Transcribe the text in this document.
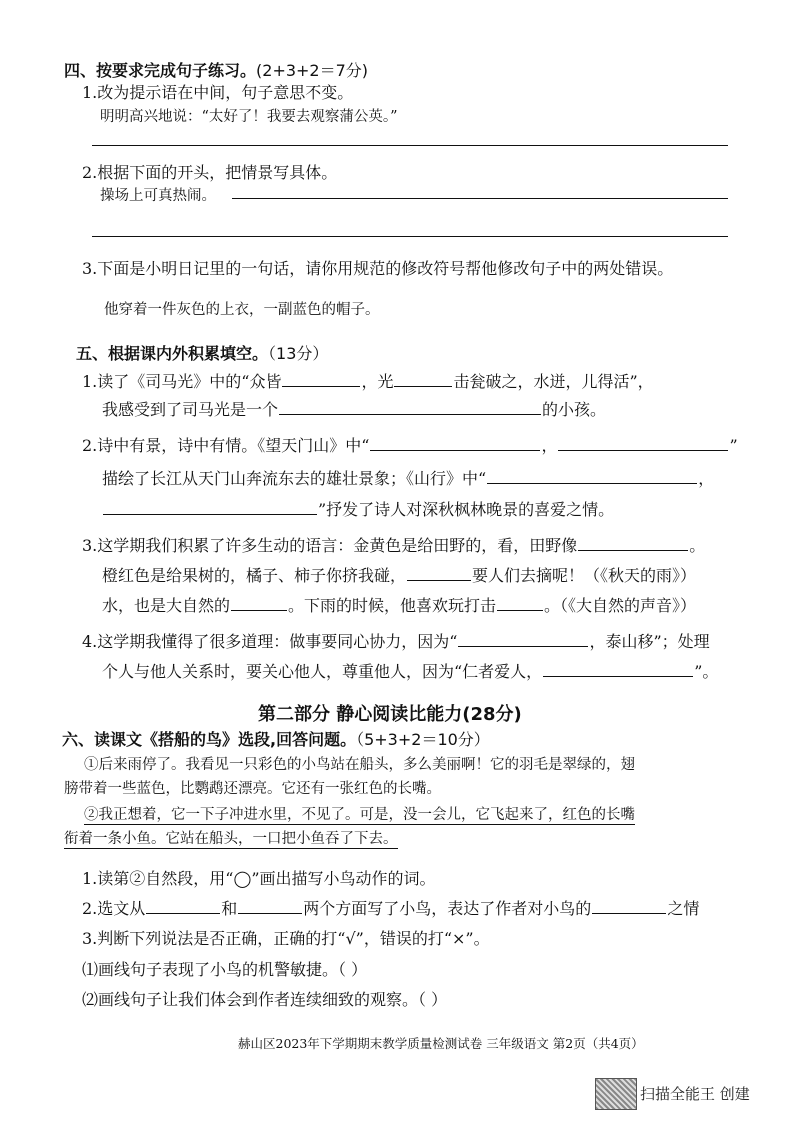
四、按要求完成句子练习。(2+3+2＝7分)
1.改为提示语在中间，句子意思不变。
明明高兴地说：“太好了！我要去观察蒲公英。”
2.根据下面的开头，把情景写具体。
操场上可真热闹。
3.下面是小明日记里的一句话，请你用规范的修改符号帮他修改句子中的两处错误。
他穿着一件灰色的上衣，一副蓝色的帽子。
五、根据课内外积累填空。（13分）
1.读了《司马光》中的“众皆	，光	击瓮破之，水迸，儿得活”，
我感受到了司马光是一个	的小孩。
2.诗中有景，诗中有情。《望天门山》中“	，	”
描绘了长江从天门山奔流东去的雄壮景象；《山行》中“	，
”抒发了诗人对深秋枫林晚景的喜爱之情。
3.这学期我们积累了许多生动的语言：金黄色是给田野的，看，田野像	。
橙红色是给果树的，橘子、柿子你挤我碰，	要人们去摘呢！（《秋天的雨》）
水，也是大自然的	。下雨的时候，他喜欢玩打击	。（《大自然的声音》）
4.这学期我懂得了很多道理：做事要同心协力，因为“	，泰山移”；处理
个人与他人关系时，要关心他人，尊重他人，因为“仁者爱人，	”。
第二部分 静心阅读比能力(28分)
六、读课文《搭船的鸟》选段,回答问题。（5+3+2＝10分）
①后来雨停了。我看见一只彩色的小鸟站在船头，多么美丽啊！它的羽毛是翠绿的，翅
膀带着一些蓝色，比鹦鹉还漂亮。它还有一张红色的长嘴。
②我正想着，它一下子冲进水里，不见了。可是，没一会儿，它飞起来了，红色的长嘴
衔着一条小鱼。它站在船头，一口把小鱼吞了下去。
1.读第②自然段，用“◯”画出描写小鸟动作的词。
2.选文从	和	两个方面写了小鸟，表达了作者对小鸟的	之情
3.判断下列说法是否正确，正确的打“√”，错误的打“×”。
⑴画线句子表现了小鸟的机警敏捷。（ ）
⑵画线句子让我们体会到作者连续细致的观察。（ ）
赫山区2023年下学期期末教学质量检测试卷 三年级语文 第2页（共4页）
扫描全能王 创建
